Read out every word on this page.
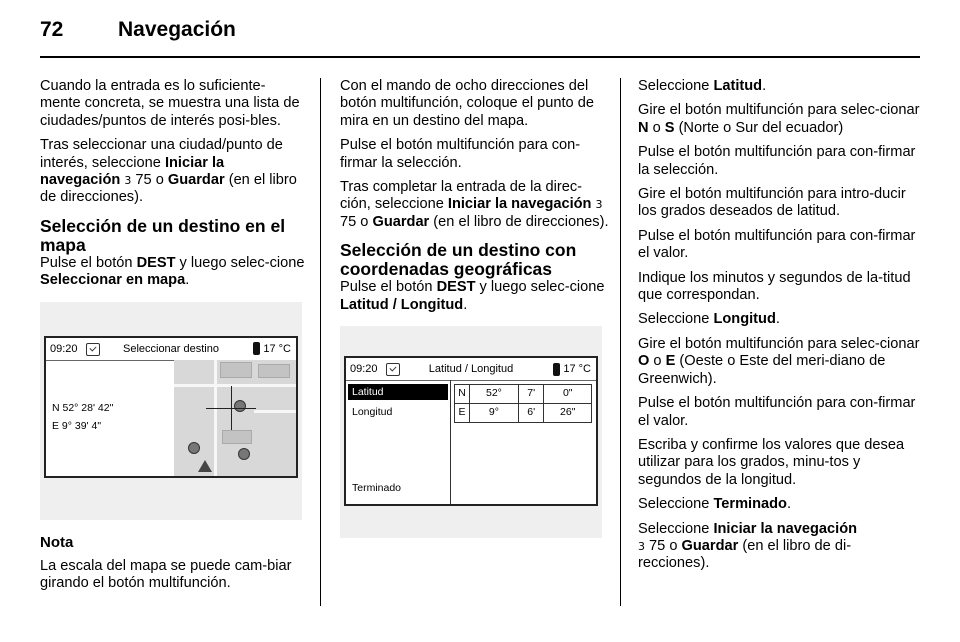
72	Navegación

Cuando la entrada es lo suficiente-mente concreta, se muestra una lista de ciudades/puntos de interés posi-bles.

Tras seleccionar una ciudad/punto de interés, seleccione Iniciar la navegación 3 75 o Guardar (en el libro de direcciones).

Selección de un destino en el mapa

Pulse el botón DEST y luego selec-cione Seleccionar en mapa.

09:20	Seleccionar destino	17 °C
N 52° 28' 42"
E 9° 39' 4"

Nota

La escala del mapa se puede cam-biar girando el botón multifunción.

Con el mando de ocho direcciones del botón multifunción, coloque el punto de mira en un destino del mapa.

Pulse el botón multifunción para con-firmar la selección.

Tras completar la entrada de la direc-ción, seleccione Iniciar la navegación 3 75 o Guardar (en el libro de direcciones).

Selección de un destino con coordenadas geográficas

Pulse el botón DEST y luego selec-cione Latitud / Longitud.

09:20	Latitud / Longitud	17 °C
Latitud
Longitud
Terminado
N	52°	7'	0"
E	9°	6'	26"

Seleccione Latitud.

Gire el botón multifunción para selec-cionar N o S (Norte o Sur del ecuador)

Pulse el botón multifunción para con-firmar la selección.

Gire el botón multifunción para intro-ducir los grados deseados de latitud.

Pulse el botón multifunción para con-firmar el valor.

Indique los minutos y segundos de la-titud que correspondan.

Seleccione Longitud.

Gire el botón multifunción para selec-cionar O o E (Oeste o Este del meri-diano de Greenwich).

Pulse el botón multifunción para con-firmar el valor.

Escriba y confirme los valores que desea utilizar para los grados, minu-tos y segundos de la longitud.

Seleccione Terminado.

Seleccione Iniciar la navegación
3 75 o Guardar (en el libro de di-recciones).
